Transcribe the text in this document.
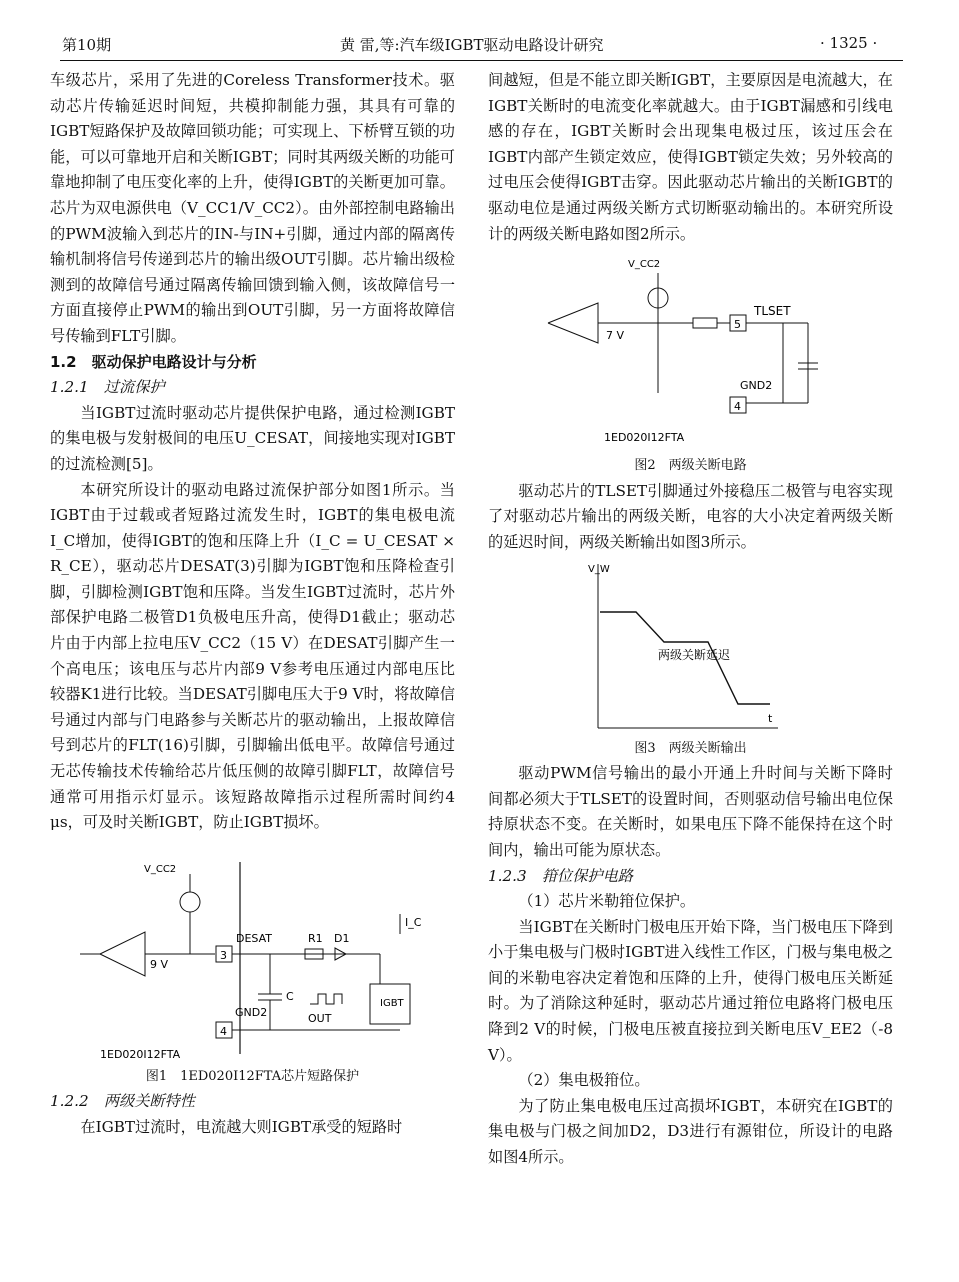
第10期	黄 雷,等:汽车级IGBT驱动电路设计研究	· 1325 ·

车级芯片，采用了先进的Coreless Transformer技术。驱动芯片传输延迟时间短，共模抑制能力强，其具有可靠的IGBT短路保护及故障回锁功能；可实现上、下桥臂互锁的功能，可以可靠地开启和关断IGBT；同时其两级关断的功能可靠地抑制了电压变化率的上升，使得IGBT的关断更加可靠。芯片为双电源供电（V_CC1/V_CC2）。由外部控制电路输出的PWM波输入到芯片的IN-与IN+引脚，通过内部的隔离传输机制将信号传递到芯片的输出级OUT引脚。芯片输出级检测到的故障信号通过隔离传输回馈到输入侧，该故障信号一方面直接停止PWM的输出到OUT引脚，另一方面将故障信号传输到FLT引脚。

1.2　驱动保护电路设计与分析

1.2.1　过流保护

当IGBT过流时驱动芯片提供保护电路，通过检测IGBT的集电极与发射极间的电压U_CESAT，间接地实现对IGBT的过流检测[5]。

本研究所设计的驱动电路过流保护部分如图1所示。当IGBT由于过载或者短路过流发生时，IGBT的集电极电流I_C增加，使得IGBT的饱和压降上升（I_C = U_CESAT × R_CE），驱动芯片DESAT(3)引脚为IGBT饱和压降检查引脚，引脚检测IGBT饱和压降。当发生IGBT过流时，芯片外部保护电路二极管D1负极电压升高，使得D1截止；驱动芯片由于内部上拉电压V_CC2（15 V）在DESAT引脚产生一个高电压；该电压与芯片内部9 V参考电压通过内部电压比较器K1进行比较。当DESAT引脚电压大于9 V时，将故障信号通过内部与门电路参与关断芯片的驱动输出，上报故障信号到芯片的FLT(16)引脚，引脚输出低电平。故障信号通过无芯传输技术传输给芯片低压侧的故障引脚FLT，故障信号通常可用指示灯显示。该短路故障指示过程所需时间约4 μs，可及时关断IGBT，防止IGBT损坏。

V_CC2
DESAT	R1 D1
I_C
3
4
9 V
C
OUT
IGBT
GND2
1ED020I12FTA

图1　1ED020I12FTA芯片短路保护

1.2.2　两级关断特性

在IGBT过流时，电流越大则IGBT承受的短路时

间越短，但是不能立即关断IGBT，主要原因是电流越大，在IGBT关断时的电流变化率就越大。由于IGBT漏感和引线电感的存在，IGBT关断时会出现集电极过压，该过压会在IGBT内部产生锁定效应，使得IGBT锁定失效；另外较高的过电压会使得IGBT击穿。因此驱动芯片输出的关断IGBT的驱动电位是通过两级关断方式切断驱动输出的。本研究所设计的两级关断电路如图2所示。

V_CC2
TLSET
5
4
7 V
GND2
1ED020I12FTA

图2　两级关断电路

驱动芯片的TLSET引脚通过外接稳压二极管与电容实现了对驱动芯片输出的两级关断，电容的大小决定着两级关断的延迟时间，两级关断输出如图3所示。

V_W
t
两级关断延迟

图3　两级关断输出

驱动PWM信号输出的最小开通上升时间与关断下降时间都必须大于TLSET的设置时间，否则驱动信号输出电位保持原状态不变。在关断时，如果电压下降不能保持在这个时间内，输出可能为原状态。

1.2.3　箝位保护电路

（1）芯片米勒箝位保护。

当IGBT在关断时门极电压开始下降，当门极电压下降到小于集电极与门极时IGBT进入线性工作区，门极与集电极之间的米勒电容决定着饱和压降的上升，使得门极电压关断延时。为了消除这种延时，驱动芯片通过箝位电路将门极电压降到2 V的时候，门极电压被直接拉到关断电压V_EE2（-8 V）。

（2）集电极箝位。

为了防止集电极电压过高损坏IGBT，本研究在IGBT的集电极与门极之间加D2，D3进行有源钳位，所设计的电路如图4所示。
